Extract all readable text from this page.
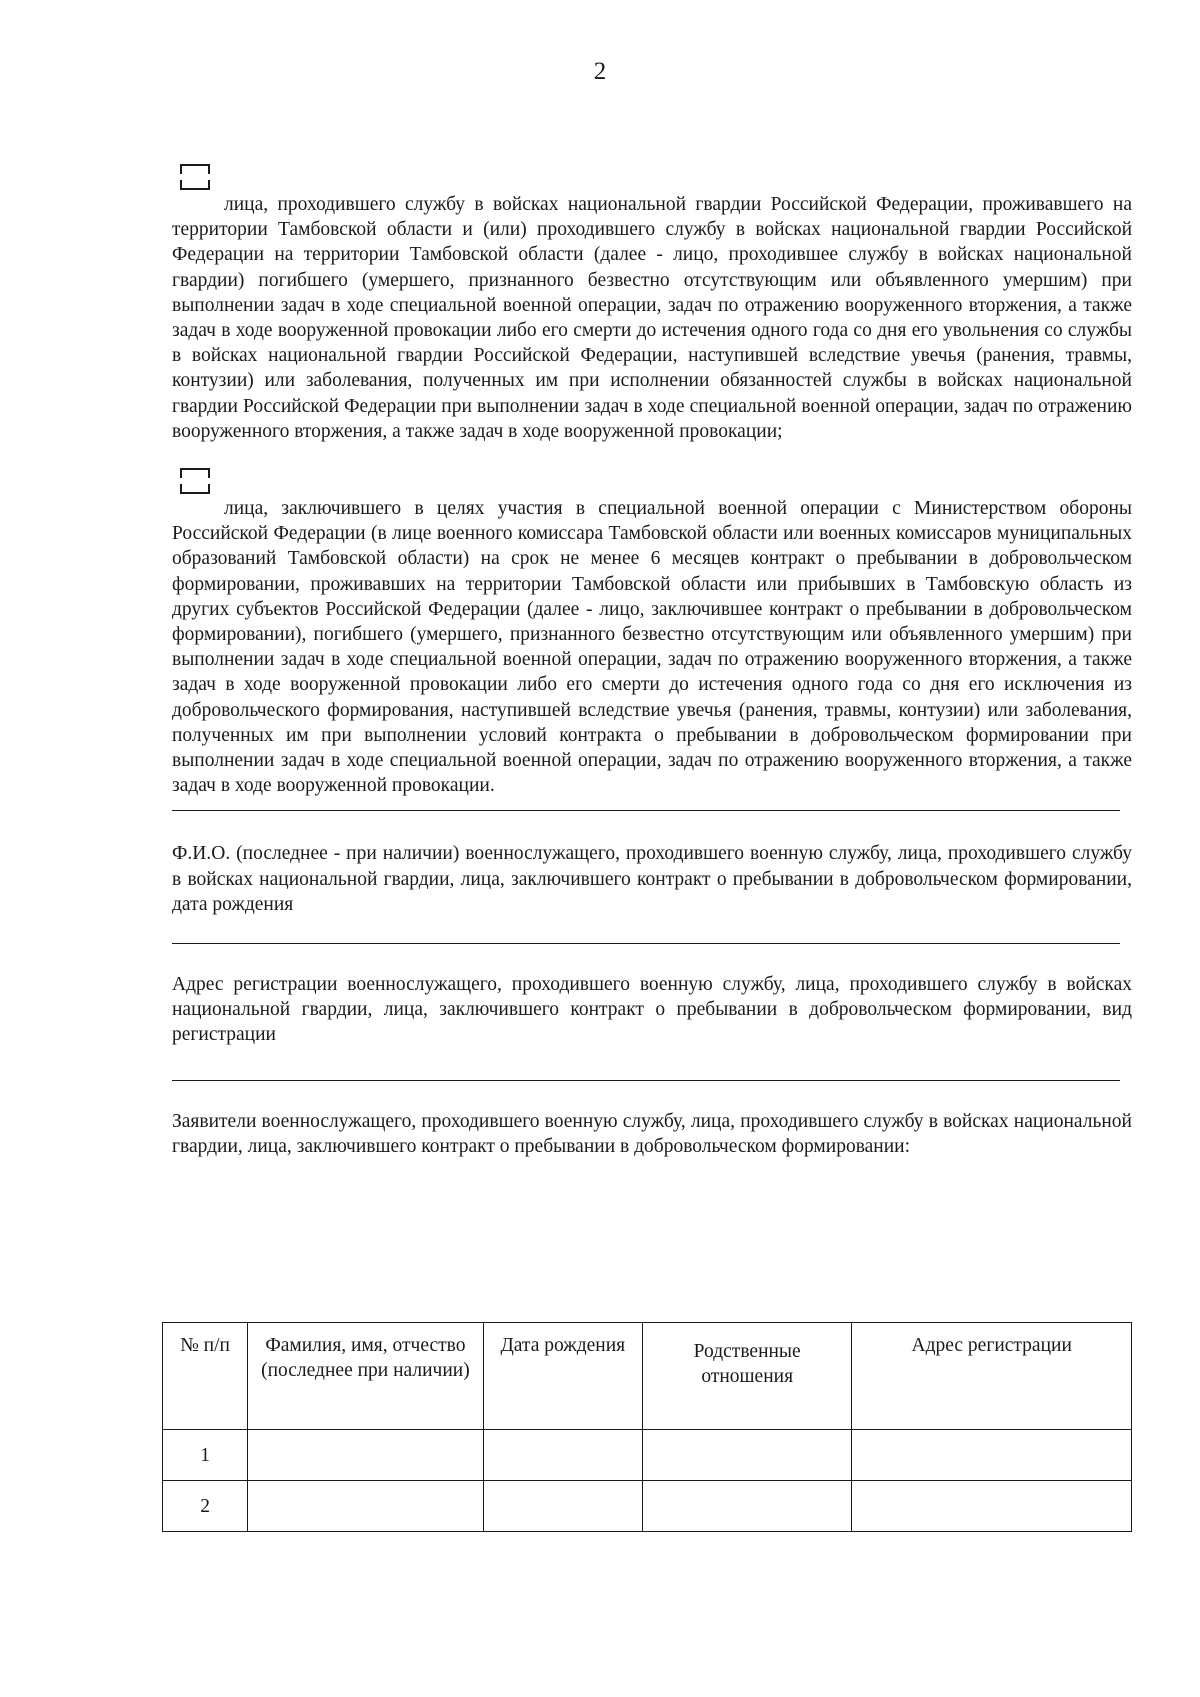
2

лица, проходившего службу в войсках национальной гвардии Российской Федерации, проживавшего на территории Тамбовской области и (или) проходившего службу в войсках национальной гвардии Российской Федерации на территории Тамбовской области (далее - лицо, проходившее службу в войсках национальной гвардии) погибшего (умершего, признанного безвестно отсутствующим или объявленного умершим) при выполнении задач в ходе специальной военной операции, задач по отражению вооруженного вторжения, а также задач в ходе вооруженной провокации либо его смерти до истечения одного года со дня его увольнения со службы в войсках национальной гвардии Российской Федерации, наступившей вследствие увечья (ранения, травмы, контузии) или заболевания, полученных им при исполнении обязанностей службы в войсках национальной гвардии Российской Федерации при выполнении задач в ходе специальной военной операции, задач по отражению вооруженного вторжения, а также задач в ходе вооруженной провокации;

лица, заключившего в целях участия в специальной военной операции с Министерством обороны Российской Федерации (в лице военного комиссара Тамбовской области или военных комиссаров муниципальных образований Тамбовской области) на срок не менее 6 месяцев контракт о пребывании в добровольческом формировании, проживавших на территории Тамбовской области или прибывших в Тамбовскую область из других субъектов Российской Федерации (далее - лицо, заключившее контракт о пребывании в добровольческом формировании), погибшего (умершего, признанного безвестно отсутствующим или объявленного умершим) при выполнении задач в ходе специальной военной операции, задач по отражению вооруженного вторжения, а также задач в ходе вооруженной провокации либо его смерти до истечения одного года со дня его исключения из добровольческого формирования, наступившей вследствие увечья (ранения, травмы, контузии) или заболевания, полученных им при выполнении условий контракта о пребывании в добровольческом формировании при выполнении задач в ходе специальной военной операции, задач по отражению вооруженного вторжения, а также задач в ходе вооруженной провокации.

Ф.И.О. (последнее - при наличии) военнослужащего, проходившего военную службу, лица, проходившего службу в войсках национальной гвардии, лица, заключившего контракт о пребывании в добровольческом формировании, дата рождения
Адрес регистрации военнослужащего, проходившего военную службу, лица, проходившего службу в войсках национальной гвардии, лица, заключившего контракт о пребывании в добровольческом формировании, вид регистрации
Заявители военнослужащего, проходившего военную службу, лица, проходившего службу в войсках национальной гвардии, лица, заключившего контракт о пребывании в добровольческом формировании:
№ п/п	Фамилия, имя, отчество (последнее при наличии)	Дата рождения	Родственные отношения	Адрес регистрации
1				
2				
